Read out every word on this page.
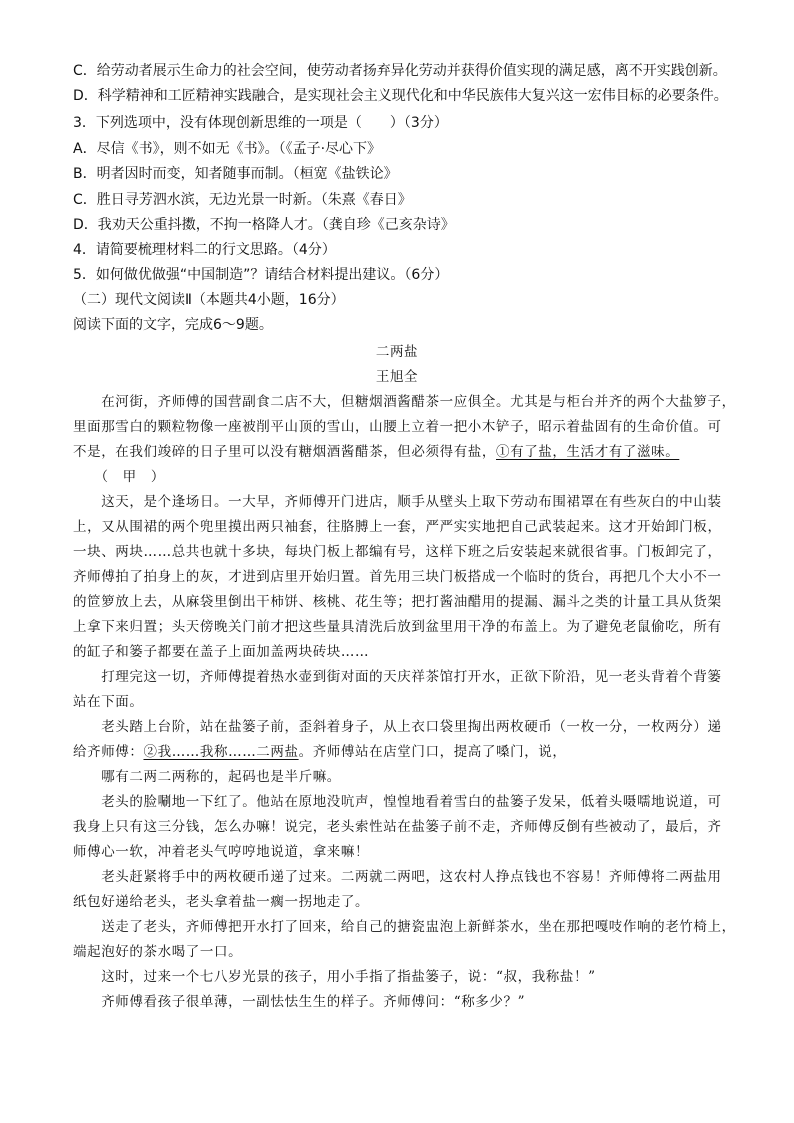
C．给劳动者展示生命力的社会空间，使劳动者扬弃异化劳动并获得价值实现的满足感，离不开实践创新。
D．科学精神和工匠精神实践融合，是实现社会主义现代化和中华民族伟大复兴这一宏伟目标的必要条件。
3．下列选项中，没有体现创新思维的一项是（　　）（3分）
A．尽信《书》，则不如无《书》。（《孟子·尽心下》
B．明者因时而变，知者随事而制。（桓宽《盐铁论》
C．胜日寻芳泗水滨，无边光景一时新。（朱熹《春日》
D．我劝天公重抖擞，不拘一格降人才。（龚自珍《己亥杂诗》
4．请简要梳理材料二的行文思路。（4分）
5．如何做优做强“中国制造”？请结合材料提出建议。（6分）
（二）现代文阅读Ⅱ（本题共4小题，16分）
阅读下面的文字，完成6～9题。
二两盐
王旭全
　　在河街，齐师傅的国营副食二店不大，但糖烟酒酱醋茶一应俱全。尤其是与柜台并齐的两个大盐箩子，
里面那雪白的颗粒物像一座被削平山顶的雪山，山腰上立着一把小木铲子，昭示着盐固有的生命价值。可
不是，在我们竣碎的日子里可以没有糖烟酒酱醋茶，但必须得有盐，①有了盐，生活才有了滋味。
　　（　甲　）
　　这天，是个逢场日。一大早，齐师傅开门进店，顺手从壁头上取下劳动布围裙罩在有些灰白的中山装
上，又从围裙的两个兜里摸出两只袖套，往胳膊上一套，严严实实地把自己武装起来。这才开始卸门板，
一块、两块……总共也就十多块，每块门板上都编有号，这样下班之后安装起来就很省事。门板卸完了，
齐师傅拍了拍身上的灰，才进到店里开始归置。首先用三块门板搭成一个临时的货台，再把几个大小不一
的笸箩放上去，从麻袋里倒出干柿饼、核桃、花生等；把打酱油醋用的提漏、漏斗之类的计量工具从货架
上拿下来归置；头天傍晚关门前才把这些量具清洗后放到盆里用干净的布盖上。为了避免老鼠偷吃，所有
的缸子和篓子都要在盖子上面加盖两块砖块……
　　打理完这一切，齐师傅提着热水壶到街对面的天庆祥茶馆打开水，正欲下阶沿，见一老头背着个背篓
站在下面。
　　老头踏上台阶，站在盐篓子前，歪斜着身子，从上衣口袋里掏出两枚硬币（一枚一分，一枚两分）递
给齐师傅：②我……我称……二两盐。齐师傅站在店堂门口，提高了嗓门，说，
　　哪有二两二两称的，起码也是半斤嘛。
　　老头的脸唰地一下红了。他站在原地没吭声，惶惶地看着雪白的盐篓子发呆，低着头嗫嚅地说道，可
我身上只有这三分钱，怎么办嘛！说完，老头索性站在盐篓子前不走，齐师傅反倒有些被动了，最后，齐
师傅心一软，冲着老头气哼哼地说道，拿来嘛！
　　老头赶紧将手中的两枚硬币递了过来。二两就二两吧，这农村人挣点钱也不容易！齐师傅将二两盐用
纸包好递给老头，老头拿着盐一瘸一拐地走了。
　　送走了老头，齐师傅把开水打了回来，给自己的搪瓷盅泡上新鲜茶水，坐在那把嘎吱作响的老竹椅上，
端起泡好的茶水喝了一口。
　　这时，过来一个七八岁光景的孩子，用小手指了指盐篓子，说：“叔，我称盐！”
　　齐师傅看孩子很单薄，一副怯怯生生的样子。齐师傅问：“称多少？”
